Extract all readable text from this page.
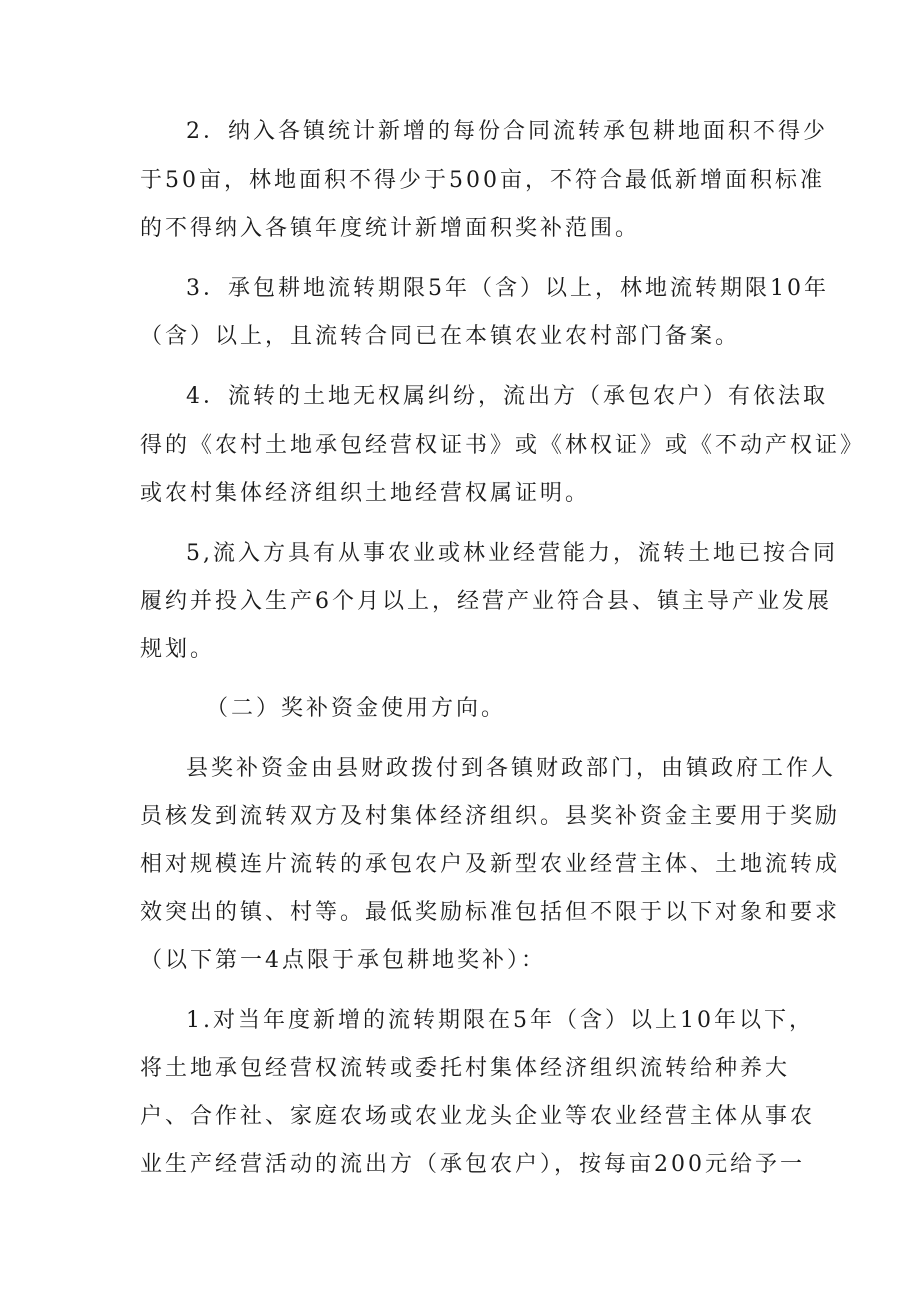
2．纳入各镇统计新增的每份合同流转承包耕地面积不得少
于50亩，林地面积不得少于500亩，不符合最低新增面积标准
的不得纳入各镇年度统计新增面积奖补范围。
3．承包耕地流转期限5年（含）以上，林地流转期限10年
（含）以上，且流转合同已在本镇农业农村部门备案。
4．流转的土地无权属纠纷，流出方（承包农户）有依法取
得的《农村土地承包经营权证书》或《林权证》或《不动产权证》
或农村集体经济组织土地经营权属证明。
5,流入方具有从事农业或林业经营能力，流转土地已按合同
履约并投入生产6个月以上，经营产业符合县、镇主导产业发展
规划。
（二）奖补资金使用方向。
县奖补资金由县财政拨付到各镇财政部门，由镇政府工作人
员核发到流转双方及村集体经济组织。县奖补资金主要用于奖励
相对规模连片流转的承包农户及新型农业经营主体、土地流转成
效突出的镇、村等。最低奖励标准包括但不限于以下对象和要求
（以下第一4点限于承包耕地奖补）：
1.对当年度新增的流转期限在5年（含）以上10年以下，
将土地承包经营权流转或委托村集体经济组织流转给种养大
户、合作社、家庭农场或农业龙头企业等农业经营主体从事农
业生产经营活动的流出方（承包农户），按每亩200元给予一
